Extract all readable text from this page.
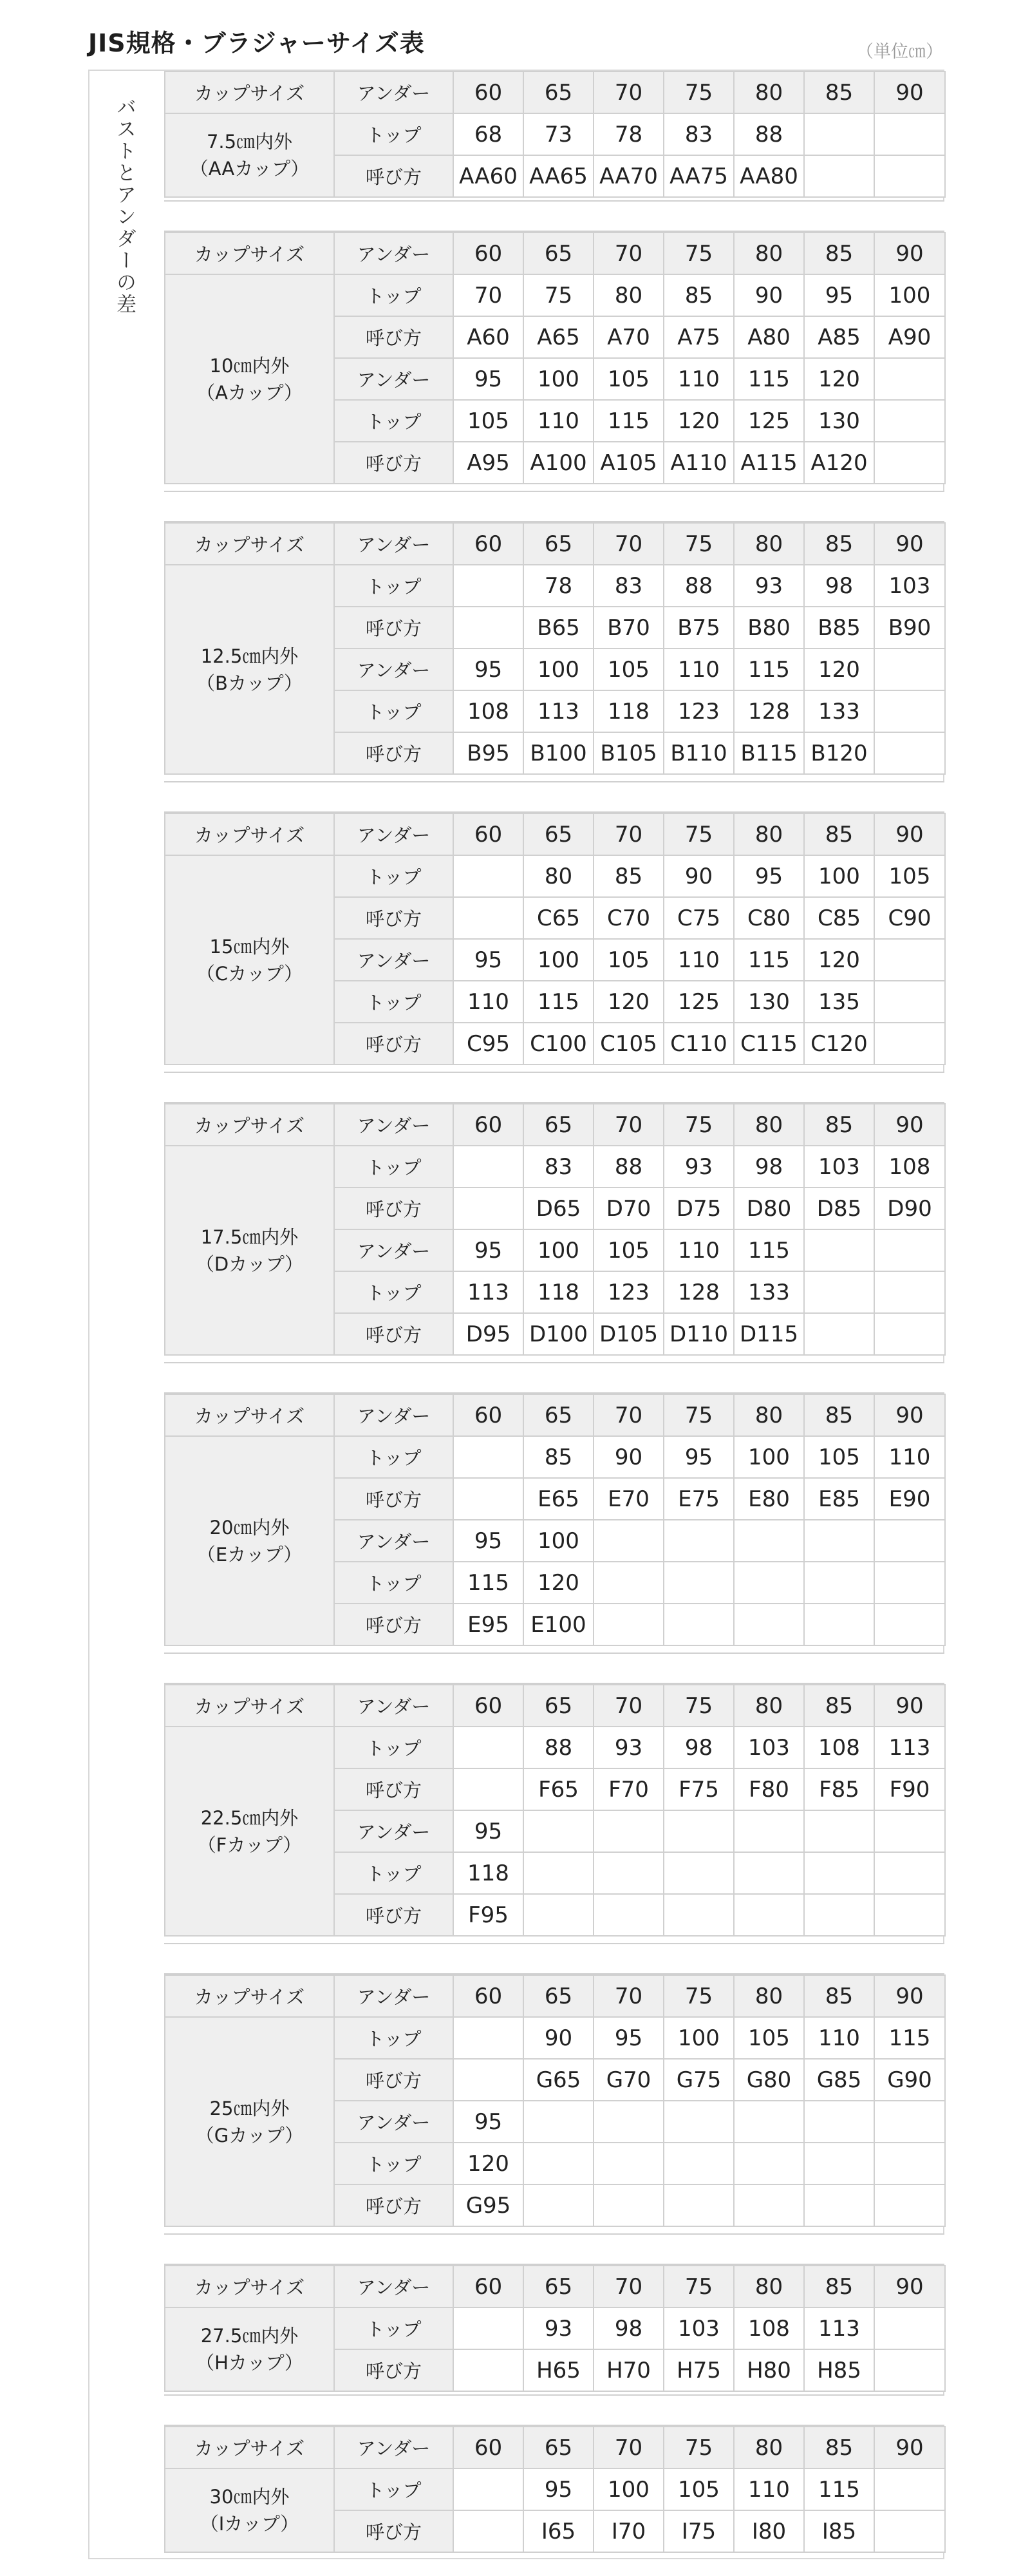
JIS規格・ブラジャーサイズ表	（単位㎝）
バストとアンダーの差
カップサイズ	アンダー	60	65	70	75	80	85	90

7.5㎝内外
（AAカップ）	トップ	68	73	78	83	88		
	呼び方	AA60	AA65	AA70	AA75	AA80		
カップサイズ	アンダー	60	65	70	75	80	85	90

10㎝内外
（Aカップ）	トップ	70	75	80	85	90	95	100
	呼び方	A60	A65	A70	A75	A80	A85	A90
	アンダー	95	100	105	110	115	120	
	トップ	105	110	115	120	125	130	
	呼び方	A95	A100	A105	A110	A115	A120	
カップサイズ	アンダー	60	65	70	75	80	85	90

12.5㎝内外
（Bカップ）	トップ		78	83	88	93	98	103
	呼び方		B65	B70	B75	B80	B85	B90
	アンダー	95	100	105	110	115	120	
	トップ	108	113	118	123	128	133	
	呼び方	B95	B100	B105	B110	B115	B120	
カップサイズ	アンダー	60	65	70	75	80	85	90

15㎝内外
（Cカップ）	トップ		80	85	90	95	100	105
	呼び方		C65	C70	C75	C80	C85	C90
	アンダー	95	100	105	110	115	120	
	トップ	110	115	120	125	130	135	
	呼び方	C95	C100	C105	C110	C115	C120	
カップサイズ	アンダー	60	65	70	75	80	85	90

17.5㎝内外
（Dカップ）	トップ		83	88	93	98	103	108
	呼び方		D65	D70	D75	D80	D85	D90
	アンダー	95	100	105	110	115		
	トップ	113	118	123	128	133		
	呼び方	D95	D100	D105	D110	D115		
カップサイズ	アンダー	60	65	70	75	80	85	90

20㎝内外
（Eカップ）	トップ		85	90	95	100	105	110
	呼び方		E65	E70	E75	E80	E85	E90
	アンダー	95	100					
	トップ	115	120					
	呼び方	E95	E100					
カップサイズ	アンダー	60	65	70	75	80	85	90

22.5㎝内外
（Fカップ）	トップ		88	93	98	103	108	113
	呼び方		F65	F70	F75	F80	F85	F90
	アンダー	95						
	トップ	118						
	呼び方	F95						
カップサイズ	アンダー	60	65	70	75	80	85	90

25㎝内外
（Gカップ）	トップ		90	95	100	105	110	115
	呼び方		G65	G70	G75	G80	G85	G90
	アンダー	95						
	トップ	120						
	呼び方	G95						
カップサイズ	アンダー	60	65	70	75	80	85	90

27.5㎝内外
（Hカップ）	トップ		93	98	103	108	113	
	呼び方		H65	H70	H75	H80	H85	
カップサイズ	アンダー	60	65	70	75	80	85	90

30㎝内外
（Iカップ）	トップ		95	100	105	110	115	
	呼び方		I65	I70	I75	I80	I85	
